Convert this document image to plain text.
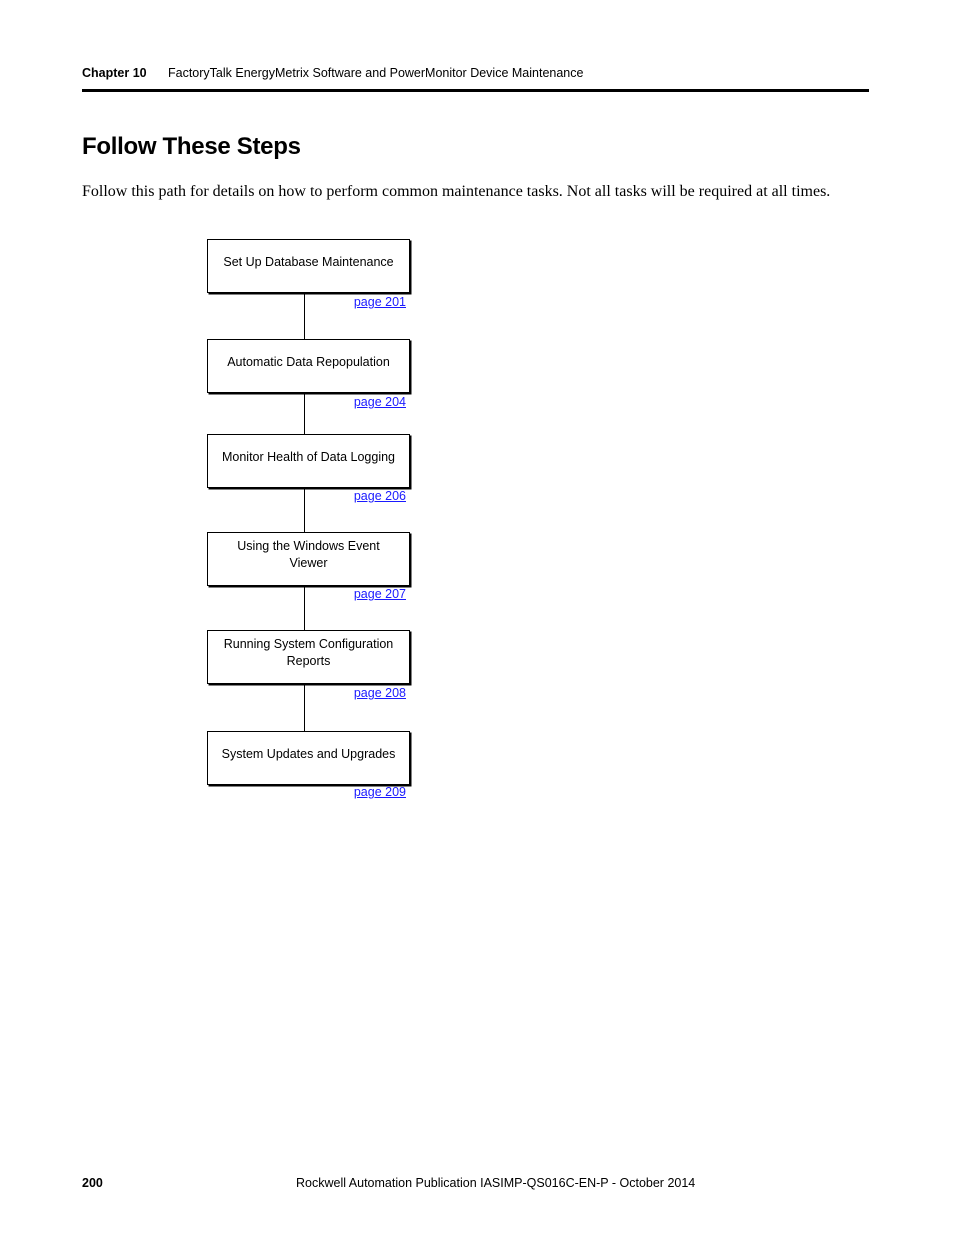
Chapter 10 FactoryTalk EnergyMetrix Software and PowerMonitor Device Maintenance
Follow These Steps

Follow this path for details on how to perform common maintenance tasks. Not all tasks will be required at all times.

Set Up Database Maintenance
page 201
Automatic Data Repopulation
page 204
Monitor Health of Data Logging
page 206
Using the Windows Event Viewer
page 207
Running System Configuration Reports
page 208
System Updates and Upgrades
page 209
200	Rockwell Automation Publication IASIMP-QS016C-EN-P - October 2014
